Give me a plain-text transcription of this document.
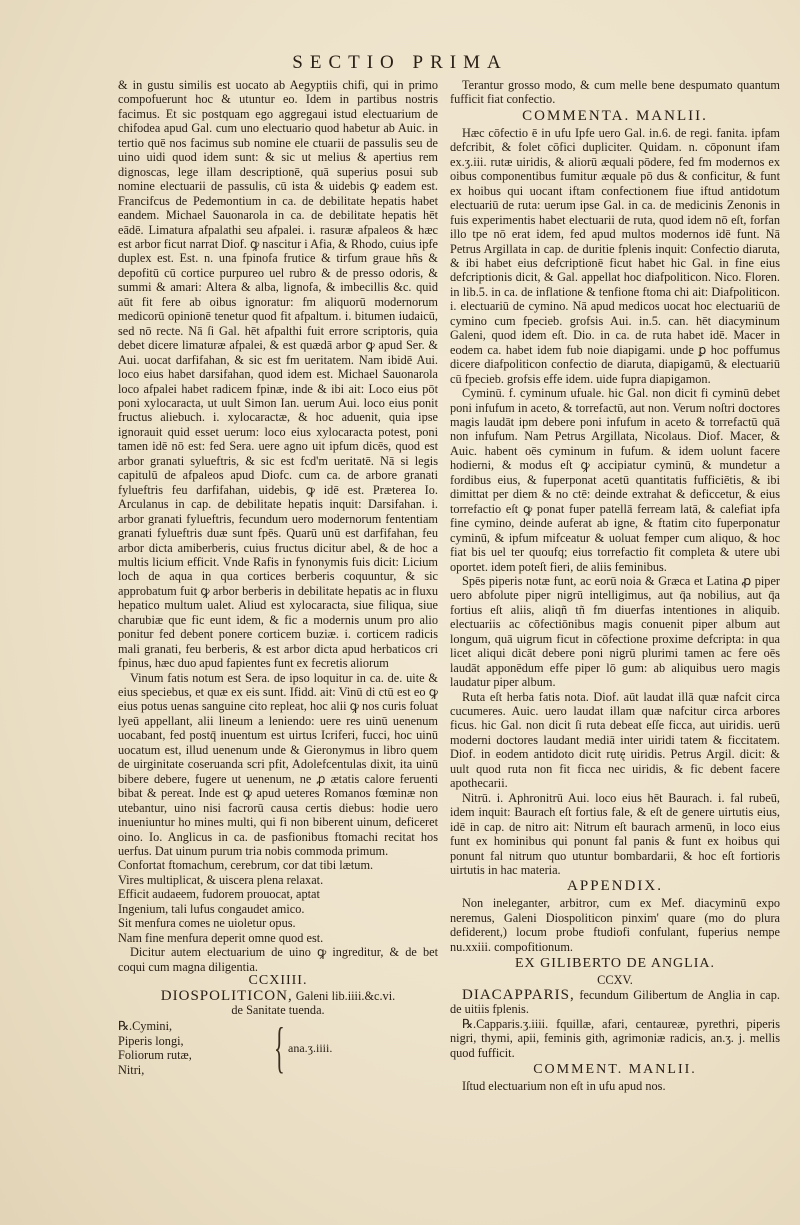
SECTIO PRIMA

& in gustu similis est uocato ab Aegyptiis chifi, qui in primo compofuerunt hoc & utuntur eo. Idem in partibus nostris facimus. Et sic postquam ego aggregaui istud electuarium de chifodea apud Gal. cum uno electuario quod habetur ab Auic. in tertio quē nos facimus sub nomine ele ctuarii de passulis seu de uino uidi quod idem sunt: & sic ut melius & apertius rem dignoscas, lege illam descriptionē, quā superius posui sub nomine electuarii de passulis, cū ista & uidebis ꝙ eadem est. Francifcus de Pedemontium in ca. de debilitate hepatis habet eandem. Michael Sauonarola in ca. de debilitate hepatis hēt eādē. Limatura afpalathi seu afpalei. i. rasuræ afpaleos & hæc est arbor ficut narrat Diof. ꝙ nascitur i Afia, & Rhodo, cuius ipfe duplex est. Est. n. una fpinofa frutice & tirfum graue hñs & depofitū cū cortice purpureo uel rubro & de presso odoris, & summi & amari: Altera & alba, lignofa, & imbecillis &c. quid aūt fit fere ab oibus ignoratur: fm aliquorū modernorum medicorū opinionē tenetur quod fit afpaltum. i. bitumen iudaicū, sed nō recte. Nā ſi Gal. hēt afpalthi fuit errore scriptoris, quia debet dicere limaturæ afpalei, & est quædā arbor ꝙ apud Ser. & Aui. uocat darfifahan, & sic est fm ueritatem. Nam ibidē Aui. loco eius habet darsifahan, quod idem est. Michael Sauonarola loco afpalei habet radicem fpinæ, inde & ibi ait: Loco eius pōt poni xylocaracta, ut uult Simon Ian. uerum Aui. loco eius ponit fructus aliebuch. i. xylocaractæ, & hoc aduenit, quia ipse ignorauit quid esset uerum: loco eius xylocaracta potest, poni tamen idē nō est: fed Sera. uere agno uit ipfum dicēs, quod est arbor granati sylueftris, & sic est fcd'm ueritatē. Nā si legis capitulū de afpaleos apud Diofc. cum ca. de arbore granati fylueftris feu darfifahan, uidebis, ꝙ idē est. Præterea Io. Arculanus in cap. de debilitate hepatis inquit: Darsifahan. i. arbor granati fylueftris, fecundum uero modernorum fententiam granati fylueftris duæ sunt fpēs. Quarū unū est darfifahan, feu arbor dicta amiberberis, cuius fructus dicitur abel, & de hoc a multis licium efficit. Vnde Rafis in fynonymis fuis dicit: Licium loch de aqua in qua cortices berberis coquuntur, & sic approbatum fuit ꝙ arbor berberis in debilitate hepatis ac in fluxu hepatico multum ualet. Aliud est xylocaracta, siue filiqua, siue charubiæ que fic eunt idem, & fic a modernis unum pro alio ponitur fed debent ponere corticem buziæ. i. corticem radicis mali granati, feu berberis, & est arbor dicta apud herbaticos cri fpinus, hæc duo apud fapientes funt ex fecretis aliorum

Vinum fatis notum est Sera. de ipso loquitur in ca. de. uite & eius speciebus, et quæ ex eis sunt. Ifidd. ait: Vinū di ctū est eo ꝙ eius potus uenas sanguine cito repleat, hoc alii ꝙ nos curis foluat lyeū appellant, alii lineum a leniendo: uere res uinū uenenum uocabant, fed postq̄ inuentum est uirtus Icriferi, fucci, hoc uinū uocatum est, illud uenenum unde & Gieronymus in libro quem de uirginitate coseruanda scri pfit, Adolefcentulas dixit, ita uinū bibere debere, fugere ut uenenum, ne ꝓ ætatis calore feruenti bibat & pereat. Inde est ꝙ apud ueteres Romanos fœminæ non utebantur, uino nisi facrorū causa certis diebus: hodie uero inueniuntur ho mines multi, qui fi non biberent uinum, deficeret oino. Io. Anglicus in ca. de pasfionibus ftomachi recitat hos uerfus. Dat uinum purum tria nobis commoda primum.

Confortat ftomachum, cerebrum, cor dat tibi lætum.

Vires multiplicat, & uiscera plena relaxat.

Efficit audaeem, fudorem prouocat, aptat

Ingenium, tali lufus congaudet amico.

Sit menfura comes ne uioletur opus.

Nam fine menfura deperit omne quod est.

Dicitur autem electuarium de uino ꝙ ingreditur, & de bet coqui cum magna diligentia.

CCXIIII.

DIOSPOLITICON, Galeni lib.iiii.&c.vi.

de Sanitate tuenda.

℞.Cymini,
Piperis longi,
Foliorum rutæ,
Nitri,	{ ana.ʒ.iiii.

Terantur grosso modo, & cum melle bene despumato quantum fufficit fiat confectio.

COMMENTA. MANLII.

Hæc cōfectio ē in ufu Ipfe uero Gal. in.6. de regi. fanita. ipfam defcribit, & folet cōfici dupliciter. Quidam. n. cōponunt ifam ex.ʒ.iii. rutæ uiridis, & aliorū æquali pōdere, fed fm modernos ex oibus componentibus fumitur æquale pō dus & conficitur, & funt ex hoibus qui uocant iftam confectionem fiue iftud antidotum electuariū de ruta: uerum ipse Gal. in ca. de medicinis Zenonis in fuis experimentis habet electuarii de ruta, quod idem nō eſt, forfan illo tpe nō erat idem, fed apud multos modernos idē funt. Nā Petrus Argillata in cap. de duritie fplenis inquit: Confectio diaruta, & ibi habet eius defcriptionē ficut habet hic Gal. in fine eius defcriptionis dicit, & Gal. appellat hoc diafpoliticon. Nico. Floren. in lib.5. in ca. de inflatione & tenfione ftoma chi ait: Diafpoliticon. i. electuariū de cymino. Nā apud medicos uocat hoc electuariū de cymino cum fpecieb. grofsis Aui. in.5. can. hēt diacyminum Galeni, quod idem eſt. Dio. in ca. de ruta habet idē. Macer in eodem ca. habet idem fub noie diapigami. unde ꝑ hoc poffumus dicere diafpoliticon confectio de diaruta, diapigamū, & electuariū cū fpecieb. grofsis effe idem. uide fupra diapigamon.

Cyminū. f. cyminum ufuale. hic Gal. non dicit fi cyminū debet poni infufum in aceto, & torrefactū, aut non. Verum noſtri doctores magis laudāt ipm debere poni infufum in aceto & torrefactū quā non infufum. Nam Petrus Argillata, Nicolaus. Diof. Macer, & Auic. habent oēs cyminum in fufum. & idem uolunt facere hodierni, & modus eſt ꝙ accipiatur cyminū, & mundetur a fordibus eius, & fuperponat acetū quantitatis fufficiētis, & ibi dimittat per diem & no ctē: deinde extrahat & deficcetur, & eius torrefactio eſt ꝙ ponat fuper patellā ferream latā, & calefiat ipfa fine cymino, deinde auferat ab igne, & ftatim cito fuperponatur cyminū, & ipfum mifceatur & uoluat femper cum aliquo, & hoc fiat bis uel ter quoufq; eius torrefactio fit completa & utere ubi oportet. idem poteſt fieri, de aliis feminibus.

Spēs piperis notæ funt, ac eorū noia & Græca et Latina ꝓ piper uero abfolute piper nigrū intelligimus, aut q̄a nobilius, aut q̄a fortius eſt aliis, aliqñ tñ fm diuerfas intentiones in aliquib. electuariis ac cōfectiōnibus magis conuenit piper album aut longum, quā uigrum ficut in cōfectione proxime defcripta: in qua licet aliqui dicāt debere poni nigrū plurimi tamen ac fere oēs laudāt apponēdum effe piper lō gum: ab aliquibus uero magis laudatur piper album.

Ruta eſt herba fatis nota. Diof. aūt laudat illā quæ nafcit circa cucumeres. Auic. uero laudat illam quæ nafcitur circa arbores ficus. hic Gal. non dicit ſi ruta debeat eſſe ficca, aut uiridis. uerū moderni doctores laudant mediā inter uiridi tatem & ficcitatem. Diof. in eodem antidoto dicit rutę uiridis. Petrus Argil. dicit: & uult quod ruta non fit ficca nec uiridis, & fic debent facere apothecarii.

Nitrū. i. Aphronitrū Aui. loco eius hēt Baurach. i. fal rubeū, idem inquit: Baurach eſt fortius fale, & eſt de genere uirtutis eius, idē in cap. de nitro ait: Nitrum eſt baurach armenū, in loco eius funt ex hominibus qui ponunt fal panis & funt ex hoibus qui ponunt fal nitrum quo utuntur bombardarii, & hoc eſt fortioris uirtutis in hac materia.

APPENDIX.

Non ineleganter, arbitror, cum ex Mef. diacyminū expo neremus, Galeni Diospoliticon pinxim' quare (mo do plura defiderent,) locum probe ftudiofi confulant, fuperius nempe nu.xxiii. compofitionum.

EX GILIBERTO DE ANGLIA.

CCXV.

DIACAPPARIS, fecundum Gilibertum de Anglia in cap. de uitiis fplenis.

℞.Capparis.ʒ.iiii. fquillæ, afari, centaureæ, pyrethri, piperis nigri, thymi, apii, feminis gith, agrimoniæ radicis, an.ʒ. j. mellis quod fufficit.

COMMENT. MANLII.

Iſtud electuarium non eſt in ufu apud nos.
